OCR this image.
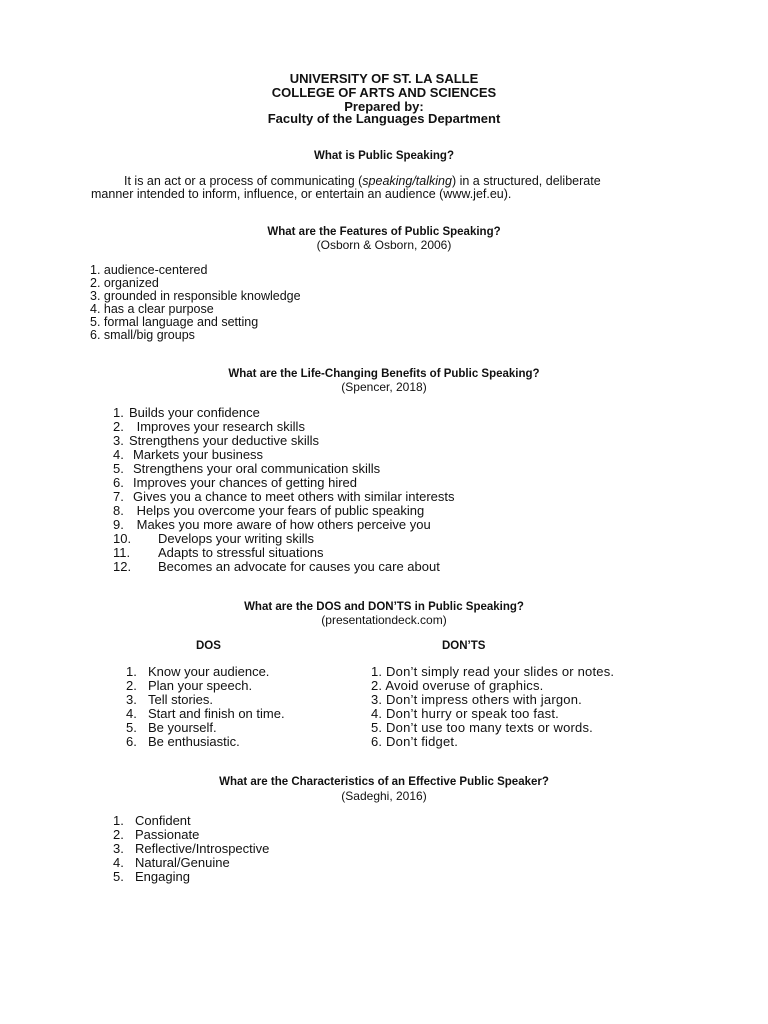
UNIVERSITY OF ST. LA SALLE
COLLEGE OF ARTS AND SCIENCES
Prepared by:
Faculty of the Languages Department
What is Public Speaking?
It is an act or a process of communicating (speaking/talking) in a structured, deliberate
manner intended to inform, influence, or entertain an audience (www.jef.eu).
What are the Features of Public Speaking?
(Osborn & Osborn, 2006)
1. audience-centered
2. organized
3. grounded in responsible knowledge
4. has a clear purpose
5. formal language and setting
6. small/big groups
What are the Life-Changing Benefits of Public Speaking?
(Spencer, 2018)
1. Builds your confidence
2. Improves your research skills
3. Strengthens your deductive skills
4. Markets your business
5. Strengthens your oral communication skills
6. Improves your chances of getting hired
7. Gives you a chance to meet others with similar interests
8. Helps you overcome your fears of public speaking
9. Makes you more aware of how others perceive you
10. Develops your writing skills
11. Adapts to stressful situations
12. Becomes an advocate for causes you care about
What are the DOS and DON’TS in Public Speaking?
(presentationdeck.com)
DOS	DON’TS
1. Know your audience.
2. Plan your speech.
3. Tell stories.
4. Start and finish on time.
5. Be yourself.
6. Be enthusiastic.
1. Don’t simply read your slides or notes.
2. Avoid overuse of graphics.
3. Don’t impress others with jargon.
4. Don’t hurry or speak too fast.
5. Don’t use too many texts or words.
6. Don’t fidget.
What are the Characteristics of an Effective Public Speaker?
(Sadeghi, 2016)
1. Confident
2. Passionate
3. Reflective/Introspective
4. Natural/Genuine
5. Engaging
